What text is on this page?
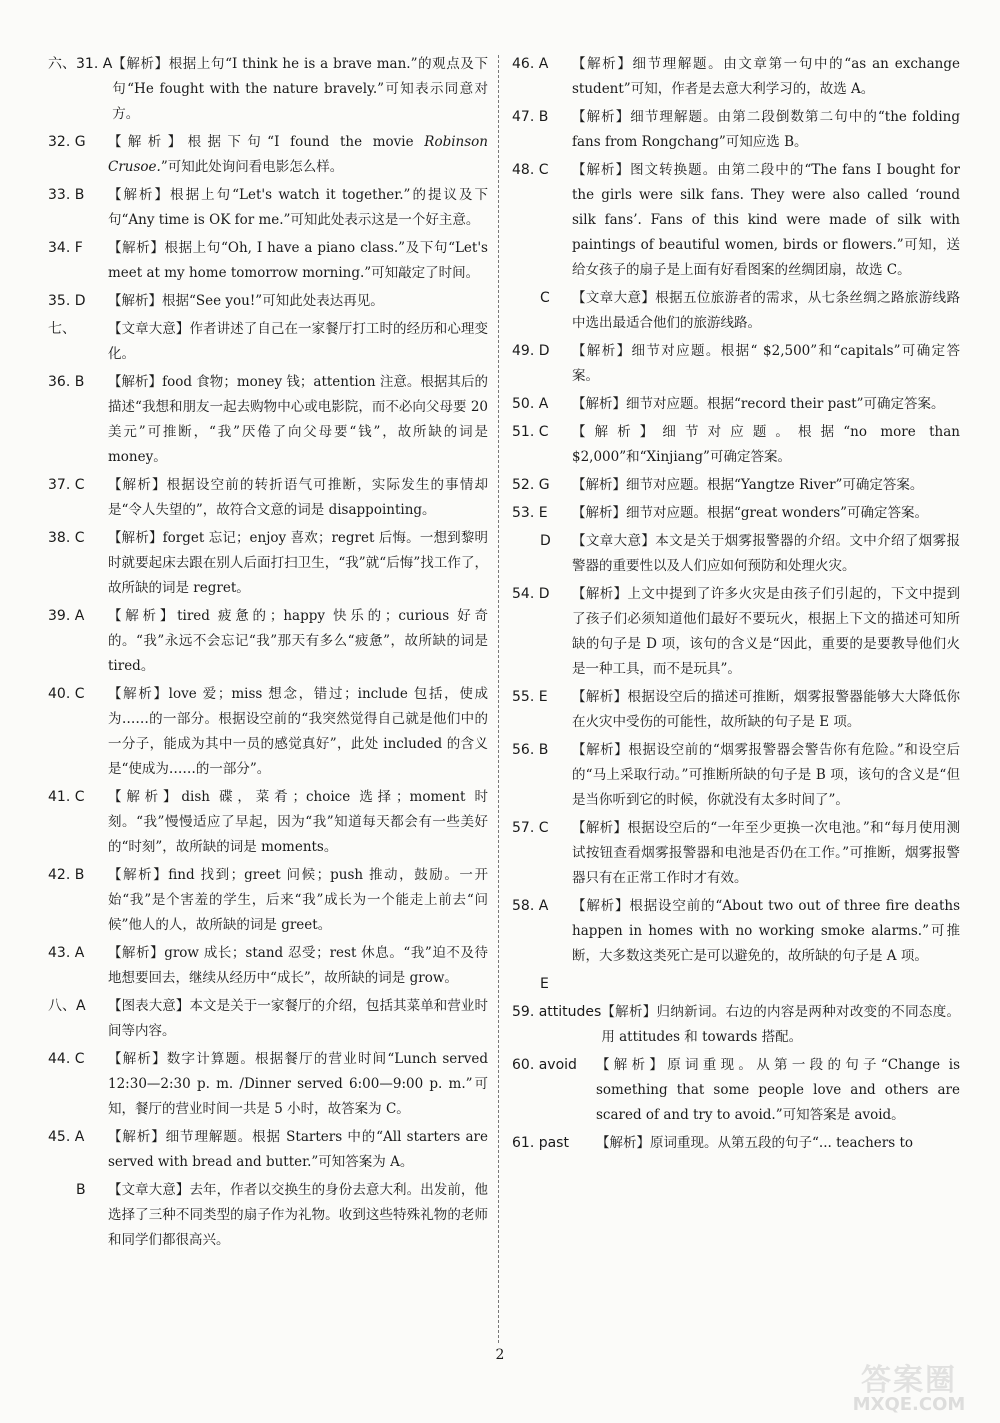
六、31. A 【解析】根据上句“I think he is a brave man.”的观点及下句“He fought with the nature bravely.”可知表示同意对方。
32. G	【解析】根据下句“I found the movie Robinson Crusoe.”可知此处询问看电影怎么样。
33. B	【解析】根据上句“Let's watch it together.”的提议及下句“Any time is OK for me.”可知此处表示这是一个好主意。
34. F	【解析】根据上句“Oh, I have a piano class.”及下句“Let's meet at my home tomorrow morning.”可知敲定了时间。
35. D	【解析】根据“See you!”可知此处表达再见。
七、	【文章大意】作者讲述了自己在一家餐厅打工时的经历和心理变化。
36. B	【解析】food 食物；money 钱；attention 注意。根据其后的描述“我想和朋友一起去购物中心或电影院，而不必向父母要 20 美元”可推断，“我”厌倦了向父母要“钱”，故所缺的词是 money。
37. C	【解析】根据设空前的转折语气可推断，实际发生的事情却是“令人失望的”，故符合文意的词是 disappointing。
38. C	【解析】forget 忘记；enjoy 喜欢；regret 后悔。一想到黎明时就要起床去跟在别人后面打扫卫生，“我”就“后悔”找工作了，故所缺的词是 regret。
39. A	【解析】tired 疲惫的；happy 快乐的；curious 好奇的。“我”永远不会忘记“我”那天有多么“疲惫”，故所缺的词是 tired。
40. C	【解析】love 爱；miss 想念，错过；include 包括，使成为……的一部分。根据设空前的“我突然觉得自己就是他们中的一分子，能成为其中一员的感觉真好”，此处 included 的含义是“使成为……的一部分”。
41. C	【解析】dish 碟，菜肴；choice 选择；moment 时刻。“我”慢慢适应了早起，因为“我”知道每天都会有一些美好的“时刻”，故所缺的词是 moments。
42. B	【解析】find 找到；greet 问候；push 推动，鼓励。一开始“我”是个害羞的学生，后来“我”成长为一个能走上前去“问候”他人的人，故所缺的词是 greet。
43. A	【解析】grow 成长；stand 忍受；rest 休息。“我”迫不及待地想要回去，继续从经历中“成长”，故所缺的词是 grow。
八、A	【图表大意】本文是关于一家餐厅的介绍，包括其菜单和营业时间等内容。
44. C	【解析】数字计算题。根据餐厅的营业时间“Lunch served 12:30—2:30 p. m. /Dinner served 6:00—9:00 p. m.”可知，餐厅的营业时间一共是 5 小时，故答案为 C。
45. A	【解析】细节理解题。根据 Starters 中的“All starters are served with bread and butter.”可知答案为 A。
B	【文章大意】去年，作者以交换生的身份去意大利。出发前，他选择了三种不同类型的扇子作为礼物。收到这些特殊礼物的老师和同学们都很高兴。
46. A	【解析】细节理解题。由文章第一句中的“as an exchange student”可知，作者是去意大利学习的，故选 A。
47. B	【解析】细节理解题。由第二段倒数第二句中的“the folding fans from Rongchang”可知应选 B。
48. C	【解析】图文转换题。由第二段中的“The fans I bought for the girls were silk fans. They were also called ‘round silk fans’. Fans of this kind were made of silk with paintings of beautiful women, birds or flowers.”可知，送给女孩子的扇子是上面有好看图案的丝绸团扇，故选 C。
C	【文章大意】根据五位旅游者的需求，从七条丝绸之路旅游线路中选出最适合他们的旅游线路。
49. D	【解析】细节对应题。根据“ $2,500”和“capitals”可确定答案。
50. A	【解析】细节对应题。根据“record their past”可确定答案。
51. C	【解析】细节对应题。根据“no more than $2,000”和“Xinjiang”可确定答案。
52. G	【解析】细节对应题。根据“Yangtze River”可确定答案。
53. E	【解析】细节对应题。根据“great wonders”可确定答案。
D	【文章大意】本文是关于烟雾报警器的介绍。文中介绍了烟雾报警器的重要性以及人们应如何预防和处理火灾。
54. D	【解析】上文中提到了许多火灾是由孩子们引起的，下文中提到了孩子们必须知道他们最好不要玩火，根据上下文的描述可知所缺的句子是 D 项，该句的含义是“因此，重要的是要教导他们火是一种工具，而不是玩具”。
55. E	【解析】根据设空后的描述可推断，烟雾报警器能够大大降低你在火灾中受伤的可能性，故所缺的句子是 E 项。
56. B	【解析】根据设空前的“烟雾报警器会警告你有危险。”和设空后的“马上采取行动。”可推断所缺的句子是 B 项，该句的含义是“但是当你听到它的时候，你就没有太多时间了”。
57. C	【解析】根据设空后的“一年至少更换一次电池。”和“每月使用测试按钮查看烟雾报警器和电池是否仍在工作。”可推断，烟雾报警器只有在正常工作时才有效。
58. A	【解析】根据设空前的“About two out of three fire deaths happen in homes with no working smoke alarms.”可推断，大多数这类死亡是可以避免的，故所缺的句子是 A 项。
E
59. attitudes 【解析】归纳新词。右边的内容是两种对改变的不同态度。用 attitudes 和 towards 搭配。
60. avoid	【解析】原词重现。从第一段的句子“Change is something that some people love and others are scared of and try to avoid.”可知答案是 avoid。
61. past	【解析】原词重现。从第五段的句子“... teachers to
2
答案圈
MXQE.COM
